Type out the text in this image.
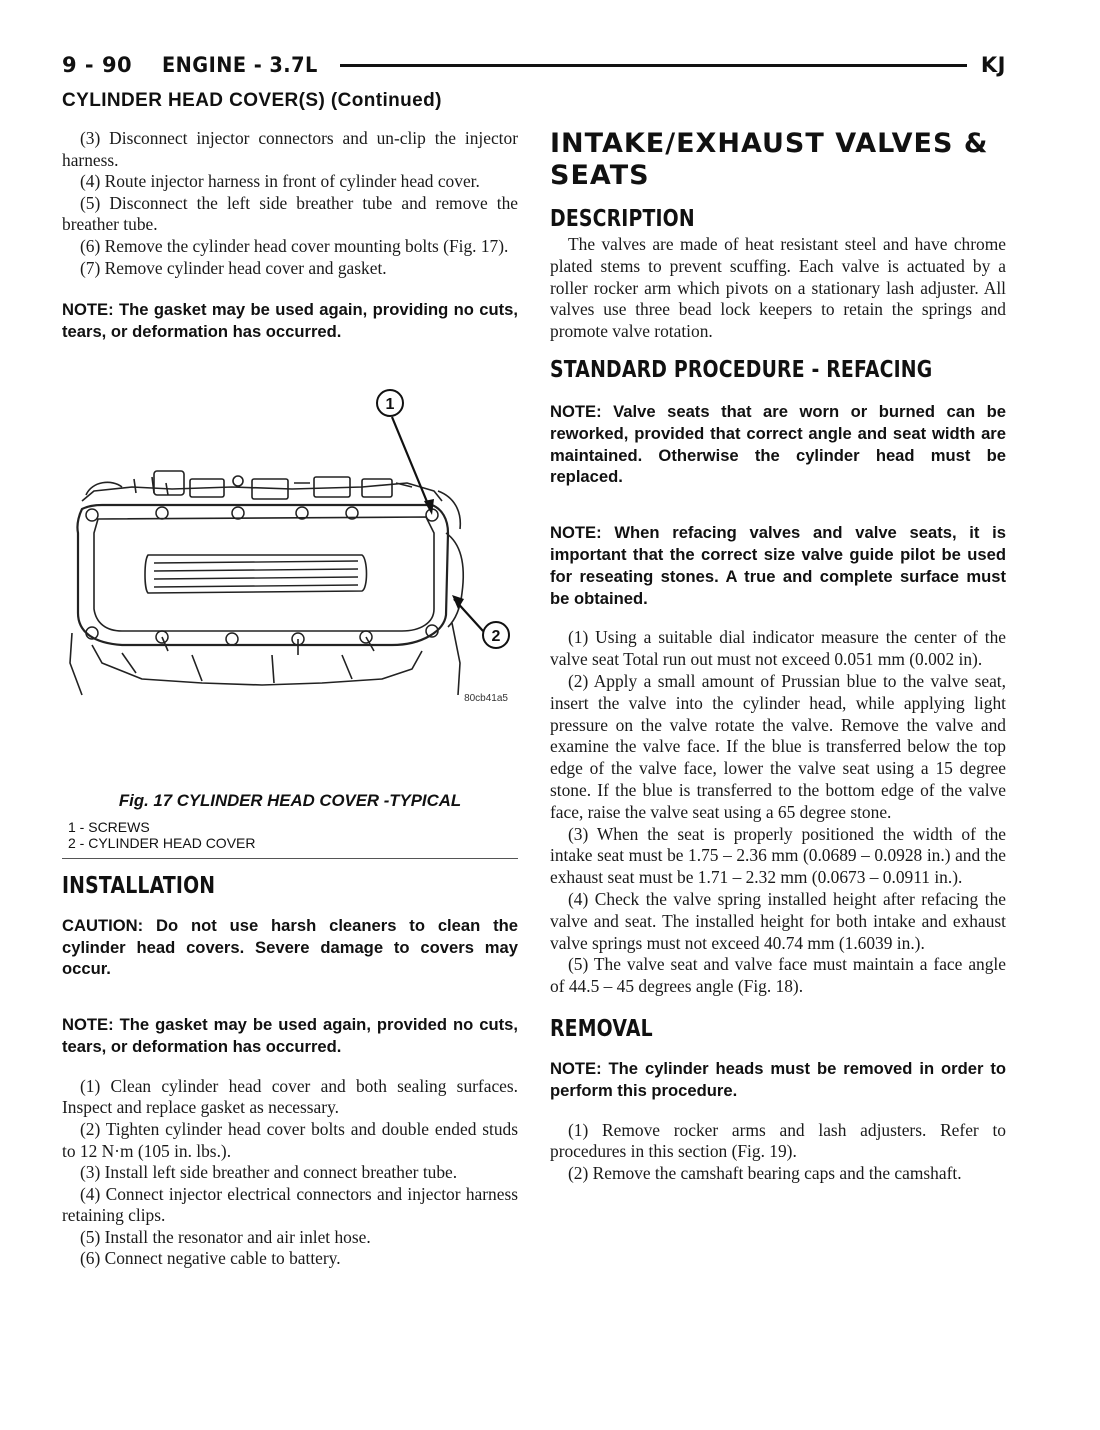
9 - 90 ENGINE - 3.7L	KJ
CYLINDER HEAD COVER(S) (Continued)

(3) Disconnect injector connectors and un-clip the injector harness.

(4) Route injector harness in front of cylinder head cover.

(5) Disconnect the left side breather tube and remove the breather tube.

(6) Remove the cylinder head cover mounting bolts (Fig. 17).

(7) Remove cylinder head cover and gasket.

NOTE: The gasket may be used again, providing no cuts, tears, or deformation has occurred.

1
2
80cb41a5
Fig. 17 CYLINDER HEAD COVER -TYPICAL
1 - SCREWS
2 - CYLINDER HEAD COVER
INSTALLATION

CAUTION: Do not use harsh cleaners to clean the cylinder head covers. Severe damage to covers may occur.

NOTE: The gasket may be used again, provided no cuts, tears, or deformation has occurred.

(1) Clean cylinder head cover and both sealing surfaces. Inspect and replace gasket as necessary.

(2) Tighten cylinder head cover bolts and double ended studs to 12 N·m (105 in. lbs.).

(3) Install left side breather and connect breather tube.

(4) Connect injector electrical connectors and injector harness retaining clips.

(5) Install the resonator and air inlet hose.

(6) Connect negative cable to battery.

INTAKE/EXHAUST VALVES & SEATS
DESCRIPTION

The valves are made of heat resistant steel and have chrome plated stems to prevent scuffing. Each valve is actuated by a roller rocker arm which pivots on a stationary lash adjuster. All valves use three bead lock keepers to retain the springs and promote valve rotation.

STANDARD PROCEDURE - REFACING

NOTE: Valve seats that are worn or burned can be reworked, provided that correct angle and seat width are maintained. Otherwise the cylinder head must be replaced.

NOTE: When refacing valves and valve seats, it is important that the correct size valve guide pilot be used for reseating stones. A true and complete surface must be obtained.

(1) Using a suitable dial indicator measure the center of the valve seat Total run out must not exceed 0.051 mm (0.002 in).

(2) Apply a small amount of Prussian blue to the valve seat, insert the valve into the cylinder head, while applying light pressure on the valve rotate the valve. Remove the valve and examine the valve face. If the blue is transferred below the top edge of the valve face, lower the valve seat using a 15 degree stone. If the blue is transferred to the bottom edge of the valve face, raise the valve seat using a 65 degree stone.

(3) When the seat is properly positioned the width of the intake seat must be 1.75 – 2.36 mm (0.0689 – 0.0928 in.) and the exhaust seat must be 1.71 – 2.32 mm (0.0673 – 0.0911 in.).

(4) Check the valve spring installed height after refacing the valve and seat. The installed height for both intake and exhaust valve springs must not exceed 40.74 mm (1.6039 in.).

(5) The valve seat and valve face must maintain a face angle of 44.5 – 45 degrees angle (Fig. 18).

REMOVAL

NOTE: The cylinder heads must be removed in order to perform this procedure.

(1) Remove rocker arms and lash adjusters. Refer to procedures in this section (Fig. 19).

(2) Remove the camshaft bearing caps and the camshaft.
